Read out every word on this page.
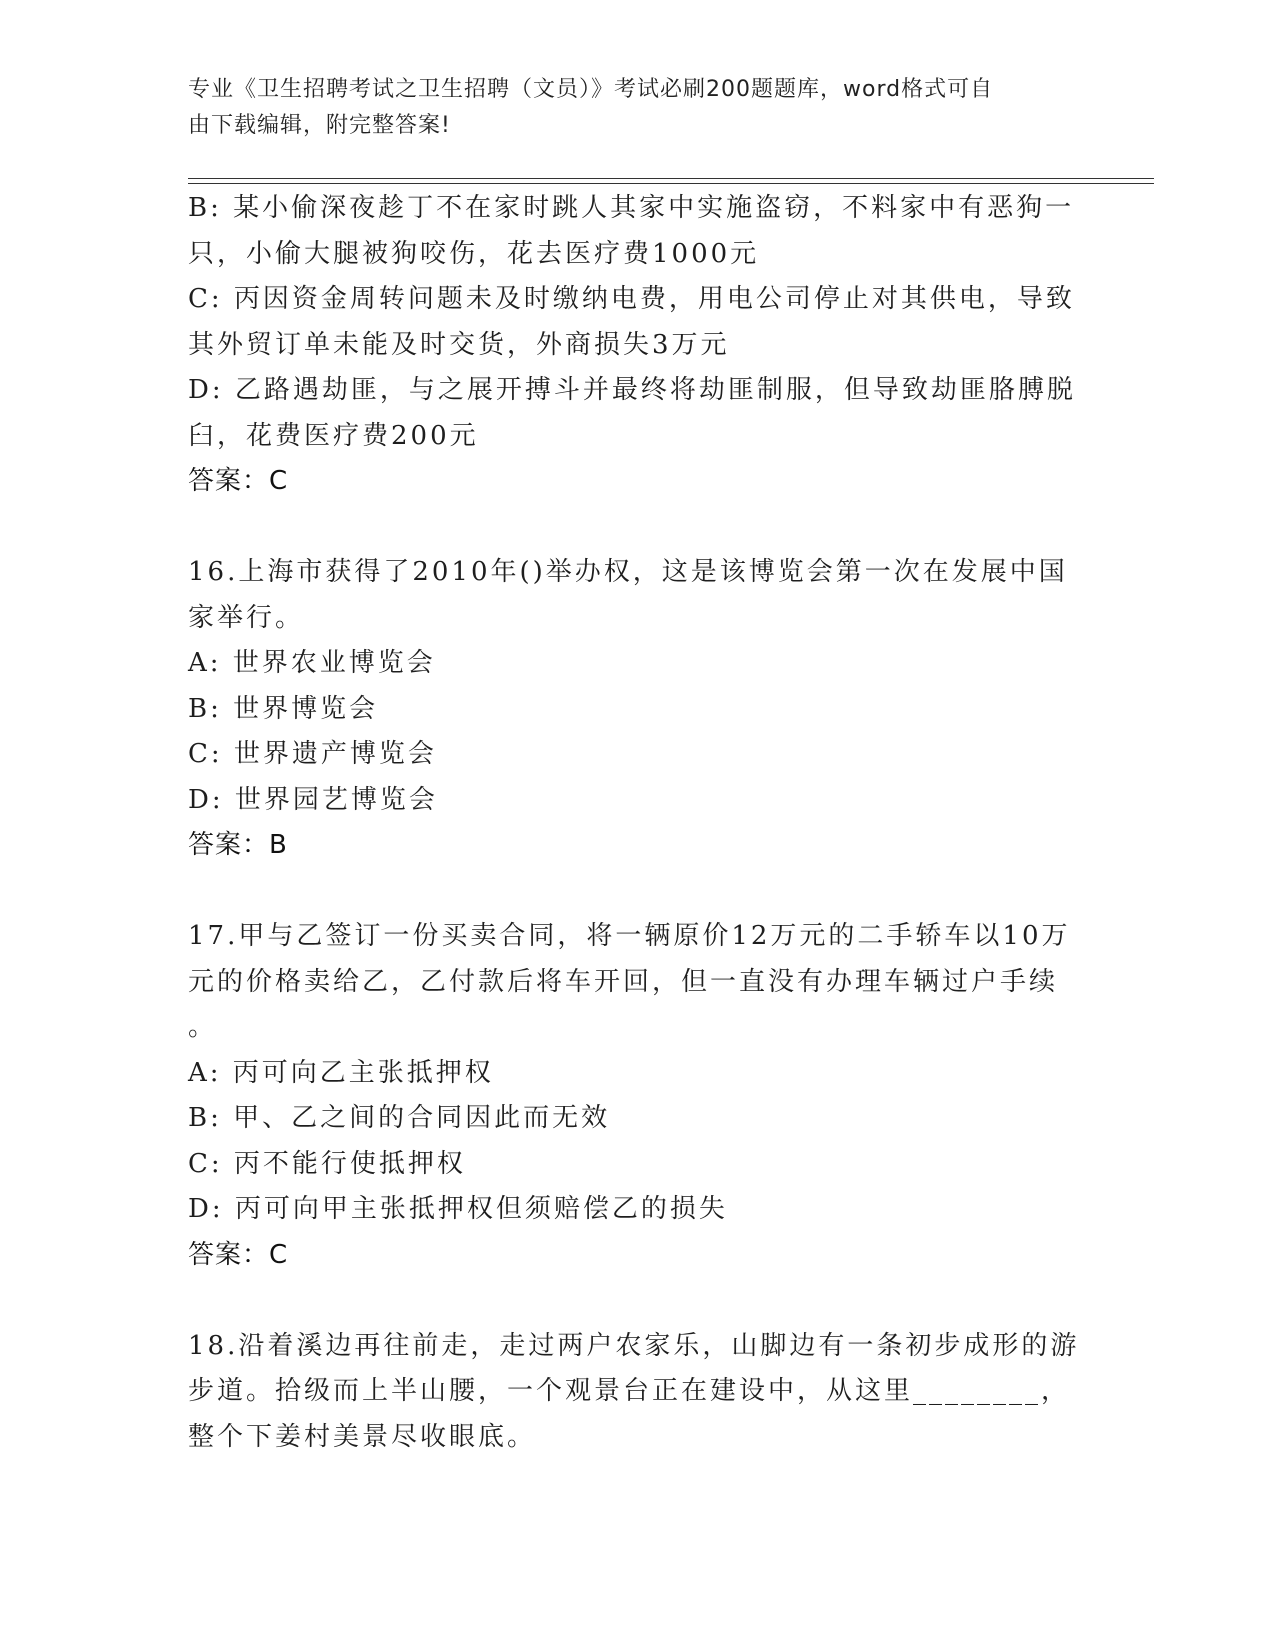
专业《卫生招聘考试之卫生招聘（文员）》考试必刷200题题库，word格式可自
由下载编辑，附完整答案!
B: 某小偷深夜趁丁不在家时跳人其家中实施盗窃，不料家中有恶狗一
只，小偷大腿被狗咬伤，花去医疗费1000元
C: 丙因资金周转问题未及时缴纳电费，用电公司停止对其供电，导致
其外贸订单未能及时交货，外商损失3万元
D: 乙路遇劫匪，与之展开搏斗并最终将劫匪制服，但导致劫匪胳膊脱
臼，花费医疗费200元
答案：C
16.上海市获得了2010年()举办权，这是该博览会第一次在发展中国
家举行。
A: 世界农业博览会
B: 世界博览会
C: 世界遗产博览会
D: 世界园艺博览会
答案：B
17.甲与乙签订一份买卖合同，将一辆原价12万元的二手轿车以10万
元的价格卖给乙，乙付款后将车开回，但一直没有办理车辆过户手续
。
A: 丙可向乙主张抵押权
B: 甲、乙之间的合同因此而无效
C: 丙不能行使抵押权
D: 丙可向甲主张抵押权但须赔偿乙的损失
答案：C
18.沿着溪边再往前走，走过两户农家乐，山脚边有一条初步成形的游
步道。拾级而上半山腰，一个观景台正在建设中，从这里________，
整个下姜村美景尽收眼底。
